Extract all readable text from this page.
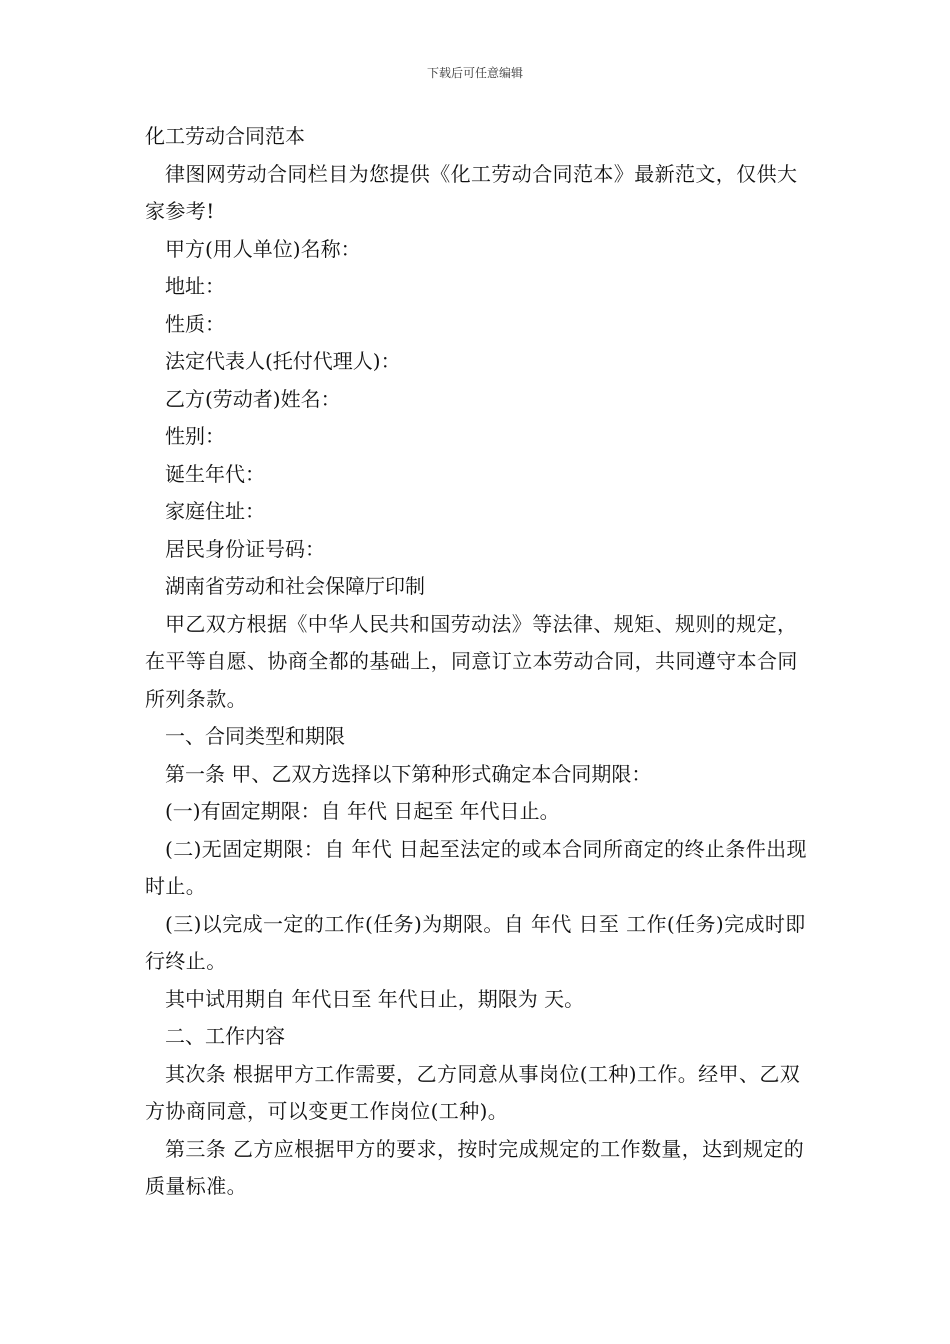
下载后可任意编辑

化工劳动合同范本

律图网劳动合同栏目为您提供《化工劳动合同范本》最新范文，仅供大家参考!

甲方(用人单位)名称：

地址：

性质：

法定代表人(托付代理人)：

乙方(劳动者)姓名：

性别：

诞生年代：

家庭住址：

居民身份证号码：

湖南省劳动和社会保障厅印制

甲乙双方根据《中华人民共和国劳动法》等法律、规矩、规则的规定，在平等自愿、协商全都的基础上，同意订立本劳动合同，共同遵守本合同所列条款。

一、合同类型和期限

第一条 甲、乙双方选择以下第种形式确定本合同期限：

(一)有固定期限：自 年代 日起至 年代日止。

(二)无固定期限：自 年代 日起至法定的或本合同所商定的终止条件出现时止。

(三)以完成一定的工作(任务)为期限。自 年代 日至 工作(任务)完成时即行终止。

其中试用期自 年代日至 年代日止，期限为 天。

二、工作内容

其次条 根据甲方工作需要，乙方同意从事岗位(工种)工作。经甲、乙双方协商同意，可以变更工作岗位(工种)。

第三条 乙方应根据甲方的要求，按时完成规定的工作数量，达到规定的质量标准。
